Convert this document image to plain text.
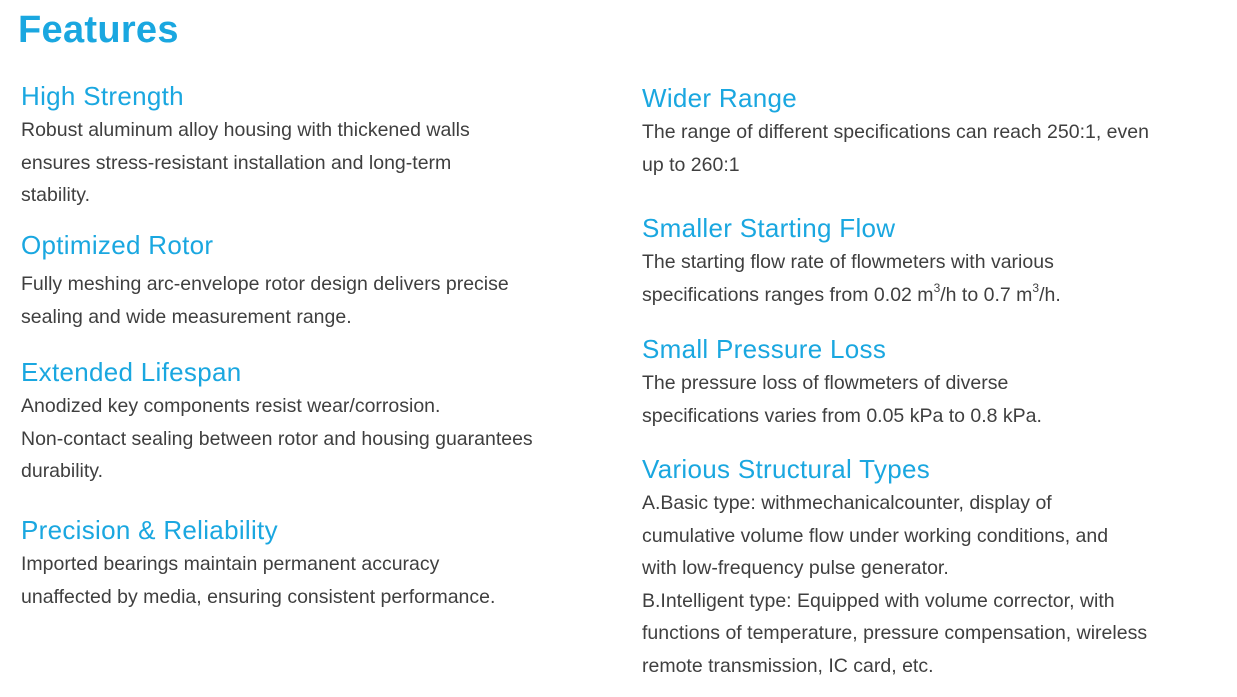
Features
High Strength
Robust aluminum alloy housing with thickened walls
ensures stress-resistant installation and long-term
stability.
Optimized Rotor
Fully meshing arc-envelope rotor design delivers precise
sealing and wide measurement range.
Extended Lifespan
Anodized key components resist wear/corrosion.
Non-contact sealing between rotor and housing guarantees
durability.
Precision & Reliability
Imported bearings maintain permanent accuracy
unaffected by media, ensuring consistent performance.
Wider Range
The range of different specifications can reach 250:1, even
up to 260:1
Smaller Starting Flow
The starting flow rate of flowmeters with various
specifications ranges from 0.02 $m^3/h$ to 0.7 $m^3/h$.
Small Pressure Loss
The pressure loss of flowmeters of diverse
specifications varies from 0.05 kPa to 0.8 kPa.
Various Structural Types
A.Basic type: withmechanicalcounter, display of
cumulative volume flow under working conditions, and
with low-frequency pulse generator.
B.Intelligent type: Equipped with volume corrector, with
functions of temperature, pressure compensation, wireless
remote transmission, IC card, etc.
